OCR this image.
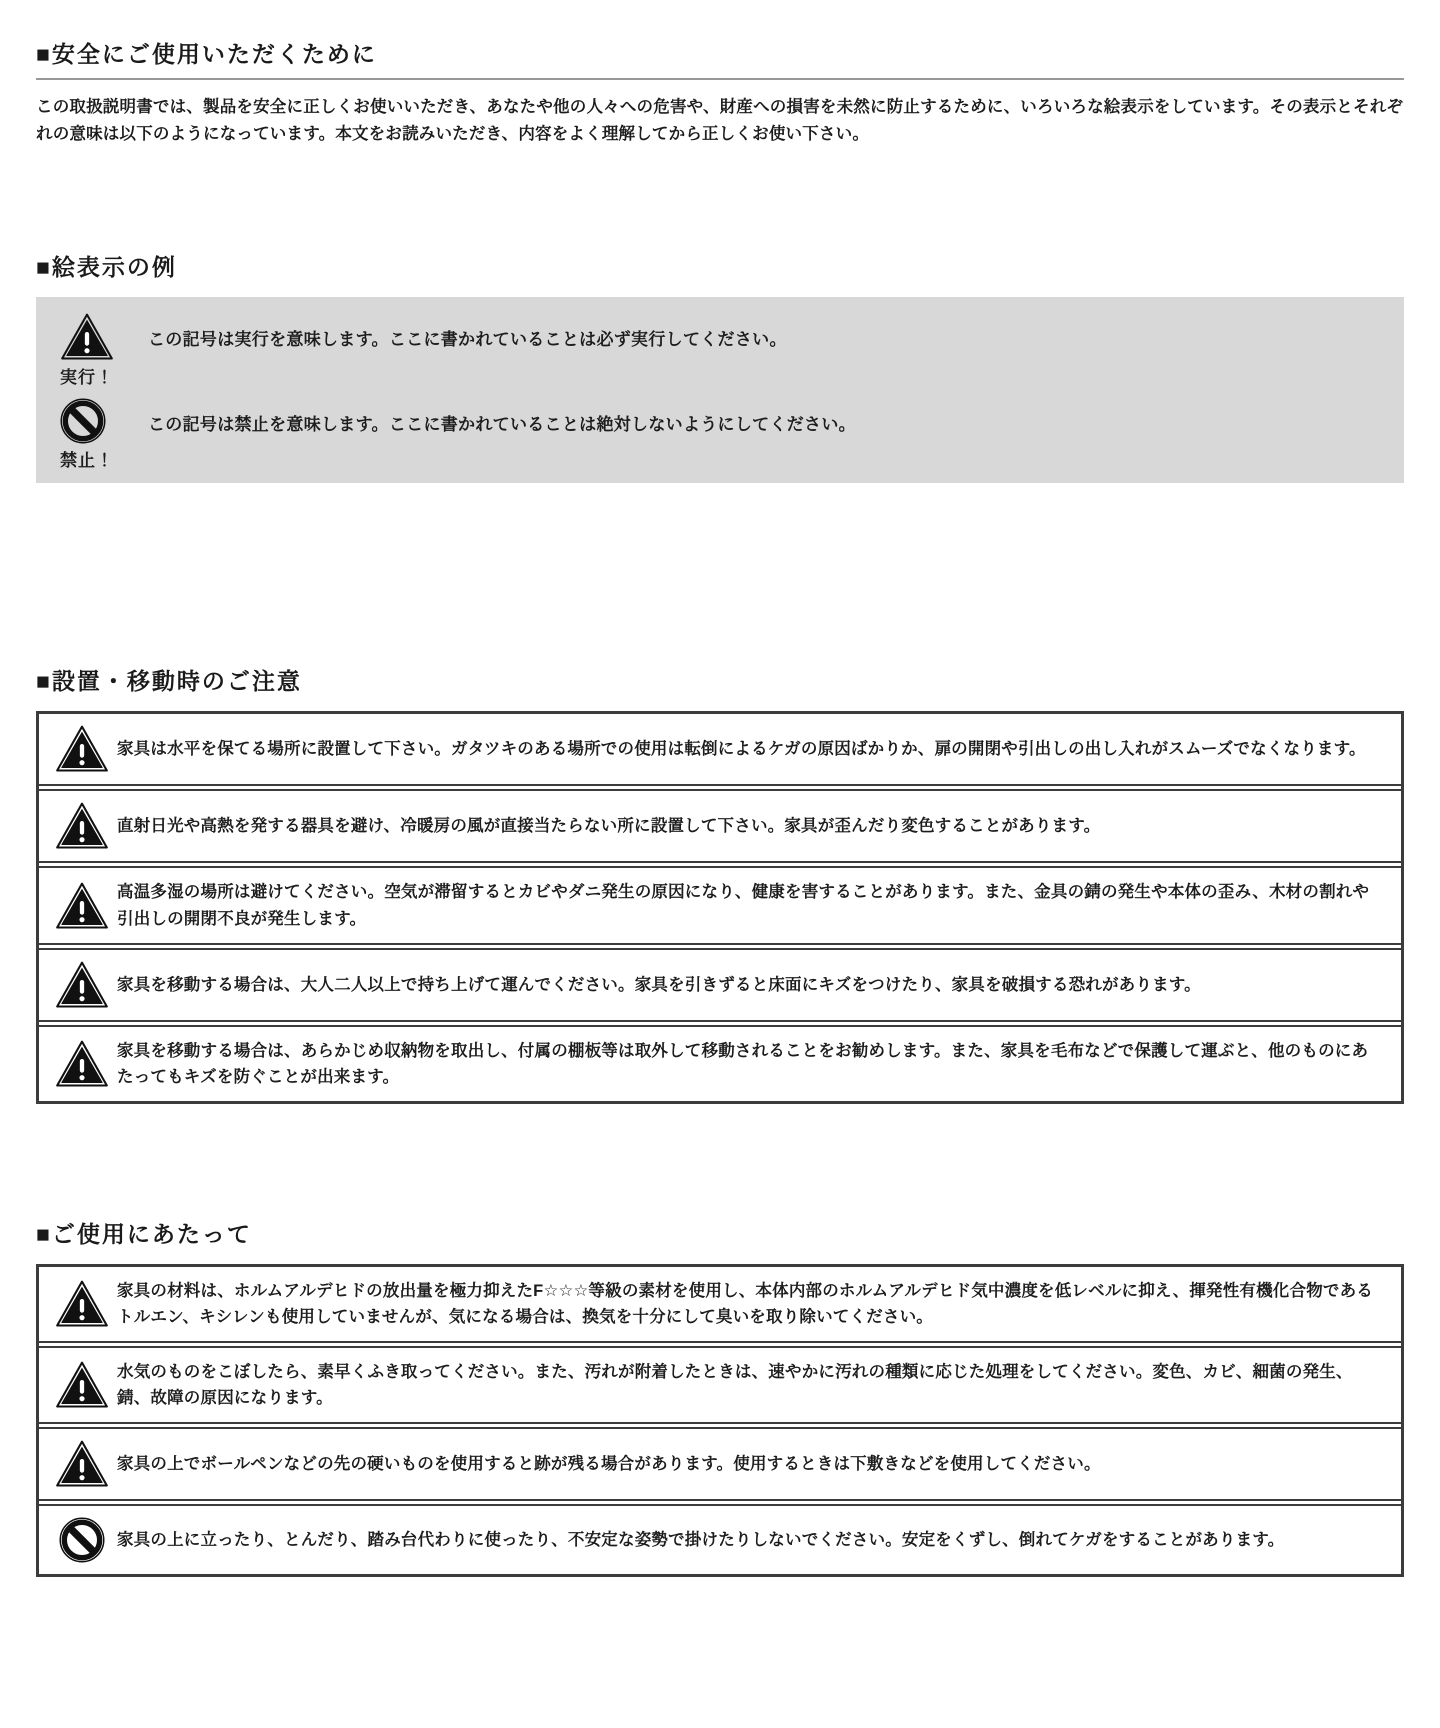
■安全にご使用いただくために

この取扱説明書では、製品を安全に正しくお使いいただき、あなたや他の人々への危害や、財産への損害を未然に防止するために、いろいろな絵表示をしています。その表示とそれぞれの意味は以下のようになっています。本文をお読みいただき、内容をよく理解してから正しくお使い下さい。

■絵表示の例
実行！

この記号は実行を意味します。ここに書かれていることは必ず実行してください。

禁止！

この記号は禁止を意味します。ここに書かれていることは絶対しないようにしてください。

■設置・移動時のご注意

家具は水平を保てる場所に設置して下さい。ガタツキのある場所での使用は転倒によるケガの原因ばかりか、扉の開閉や引出しの出し入れがスムーズでなくなります。

直射日光や高熱を発する器具を避け、冷暖房の風が直接当たらない所に設置して下さい。家具が歪んだり変色することがあります。

高温多湿の場所は避けてください。空気が滞留するとカビやダニ発生の原因になり、健康を害することがあります。また、金具の錆の発生や本体の歪み、木材の割れや引出しの開閉不良が発生します。

家具を移動する場合は、大人二人以上で持ち上げて運んでください。家具を引きずると床面にキズをつけたり、家具を破損する恐れがあります。

家具を移動する場合は、あらかじめ収納物を取出し、付属の棚板等は取外して移動されることをお勧めします。また、家具を毛布などで保護して運ぶと、他のものにあたってもキズを防ぐことが出来ます。

■ご使用にあたって

家具の材料は、ホルムアルデヒドの放出量を極力抑えたF☆☆☆等級の素材を使用し、本体内部のホルムアルデヒド気中濃度を低レベルに抑え、揮発性有機化合物であるトルエン、キシレンも使用していませんが、気になる場合は、換気を十分にして臭いを取り除いてください。

水気のものをこぼしたら、素早くふき取ってください。また、汚れが附着したときは、速やかに汚れの種類に応じた処理をしてください。変色、カビ、細菌の発生、錆、故障の原因になります。

家具の上でボールペンなどの先の硬いものを使用すると跡が残る場合があります。使用するときは下敷きなどを使用してください。

家具の上に立ったり、とんだり、踏み台代わりに使ったり、不安定な姿勢で掛けたりしないでください。安定をくずし、倒れてケガをすることがあります。
